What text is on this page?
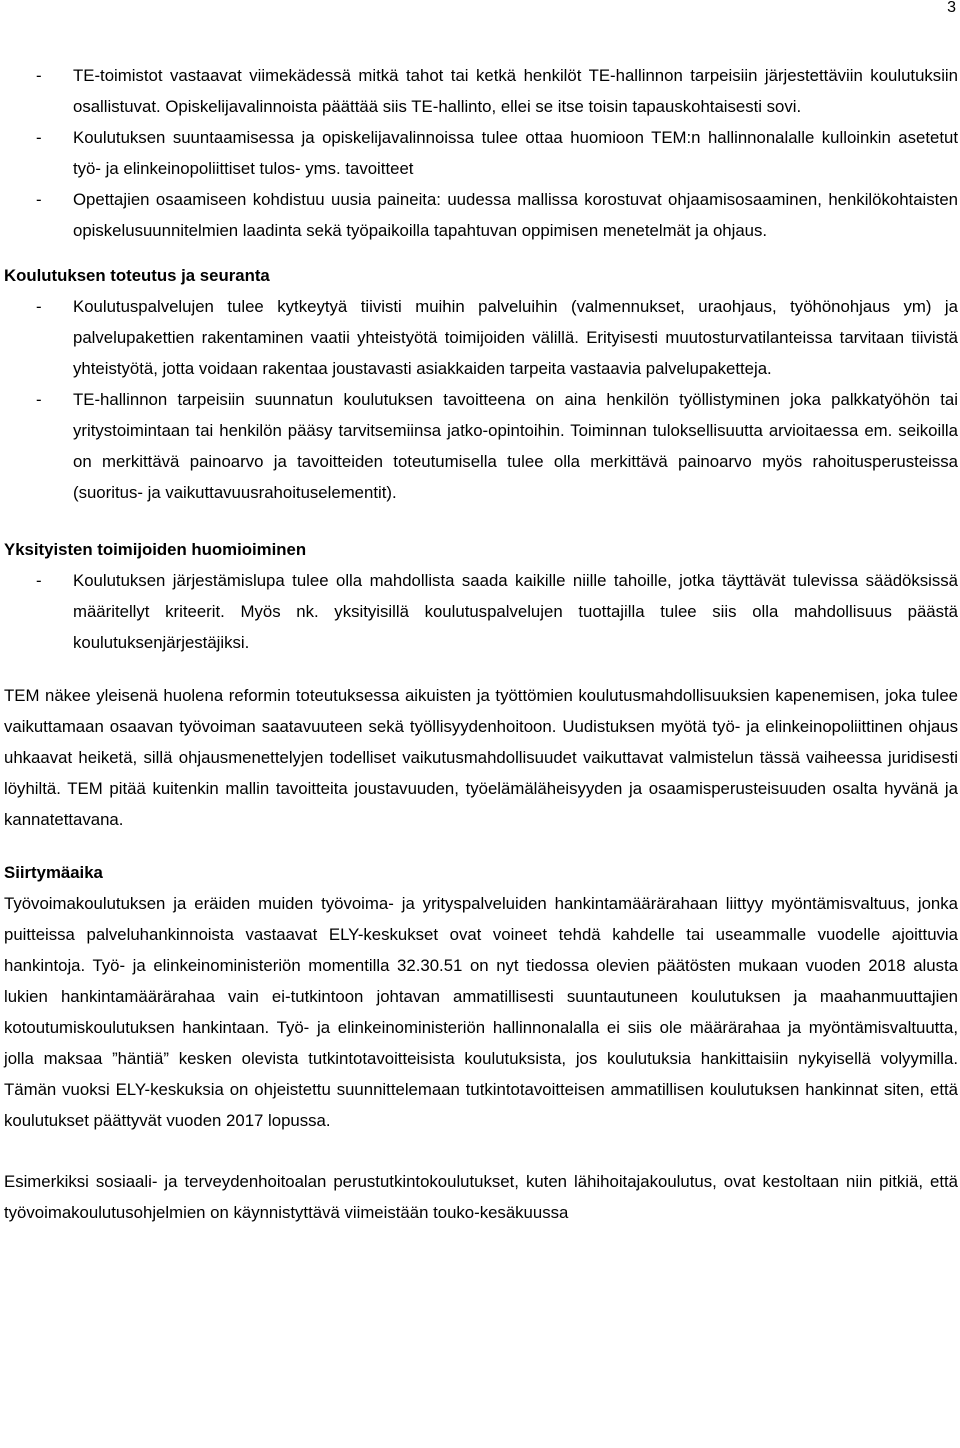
3
- TE-toimistot vastaavat viimekädessä mitkä tahot tai ketkä henkilöt TE-hallinnon tarpeisiin järjestettäviin koulutuksiin osallistuvat. Opiskelijavalinnoista päättää siis TE-hallinto, ellei se itse toisin tapauskohtaisesti sovi.
- Koulutuksen suuntaamisessa ja opiskelijavalinnoissa tulee ottaa huomioon TEM:n hallinnonalalle kulloinkin asetetut työ- ja elinkeinopoliittiset tulos- yms. tavoitteet
- Opettajien osaamiseen kohdistuu uusia paineita: uudessa mallissa korostuvat ohjaamisosaaminen, henkilökohtaisten opiskelusuunnitelmien laadinta sekä työpaikoilla tapahtuvan oppimisen menetelmät ja ohjaus.

Koulutuksen toteutus ja seuranta

- Koulutuspalvelujen tulee kytkeytyä tiivisti muihin palveluihin (valmennukset, uraohjaus, työhönohjaus ym) ja palvelupakettien rakentaminen vaatii yhteistyötä toimijoiden välillä. Erityisesti muutosturvatilanteissa tarvitaan tiivistä yhteistyötä, jotta voidaan rakentaa joustavasti asiakkaiden tarpeita vastaavia palvelupaketteja.
- TE-hallinnon tarpeisiin suunnatun koulutuksen tavoitteena on aina henkilön työllistyminen joka palkkatyöhön tai yritystoimintaan tai henkilön pääsy tarvitsemiinsa jatko-opintoihin. Toiminnan tuloksellisuutta arvioitaessa em. seikoilla on merkittävä painoarvo ja tavoitteiden toteutumisella tulee olla merkittävä painoarvo myös rahoitusperusteissa (suoritus- ja vaikuttavuusrahoituselementit).

Yksityisten toimijoiden huomioiminen

- Koulutuksen järjestämislupa tulee olla mahdollista saada kaikille niille tahoille, jotka täyttävät tulevissa säädöksissä määritellyt kriteerit. Myös nk. yksityisillä koulutuspalvelujen tuottajilla tulee siis olla mahdollisuus päästä koulutuksenjärjestäjiksi.

TEM näkee yleisenä huolena reformin toteutuksessa aikuisten ja työttömien koulutusmahdollisuuksien kapenemisen, joka tulee vaikuttamaan osaavan työvoiman saatavuuteen sekä työllisyydenhoitoon. Uudistuksen myötä työ- ja elinkeinopoliittinen ohjaus uhkaavat heiketä, sillä ohjausmenettelyjen todelliset vaikutusmahdollisuudet vaikuttavat valmistelun tässä vaiheessa juridisesti löyhiltä. TEM pitää kuitenkin mallin tavoitteita joustavuuden, työelämäläheisyyden ja osaamisperusteisuuden osalta hyvänä ja kannatettavana.

Siirtymäaika

Työvoimakoulutuksen ja eräiden muiden työvoima- ja yrityspalveluiden hankintamäärärahaan liittyy myöntämisvaltuus, jonka puitteissa palveluhankinnoista vastaavat ELY-keskukset ovat voineet tehdä kahdelle tai useammalle vuodelle ajoittuvia hankintoja. Työ- ja elinkeinoministeriön momentilla 32.30.51 on nyt tiedossa olevien päätösten mukaan vuoden 2018 alusta lukien hankintamäärärahaa vain ei-tutkintoon johtavan ammatillisesti suuntautuneen koulutuksen ja maahanmuuttajien kotoutumiskoulutuksen hankintaan. Työ- ja elinkeinoministeriön hallinnonalalla ei siis ole määrärahaa ja myöntämisvaltuutta, jolla maksaa ”häntiä” kesken olevista tutkintotavoitteisista koulutuksista, jos koulutuksia hankittaisiin nykyisellä volyymilla. Tämän vuoksi ELY-keskuksia on ohjeistettu suunnittelemaan tutkintotavoitteisen ammatillisen koulutuksen hankinnat siten, että koulutukset päättyvät vuoden 2017 lopussa.

Esimerkiksi sosiaali- ja terveydenhoitoalan perustutkintokoulutukset, kuten lähihoitajakoulutus, ovat kestoltaan niin pitkiä, että työvoimakoulutusohjelmien on käynnistyttävä viimeistään touko-kesäkuussa
